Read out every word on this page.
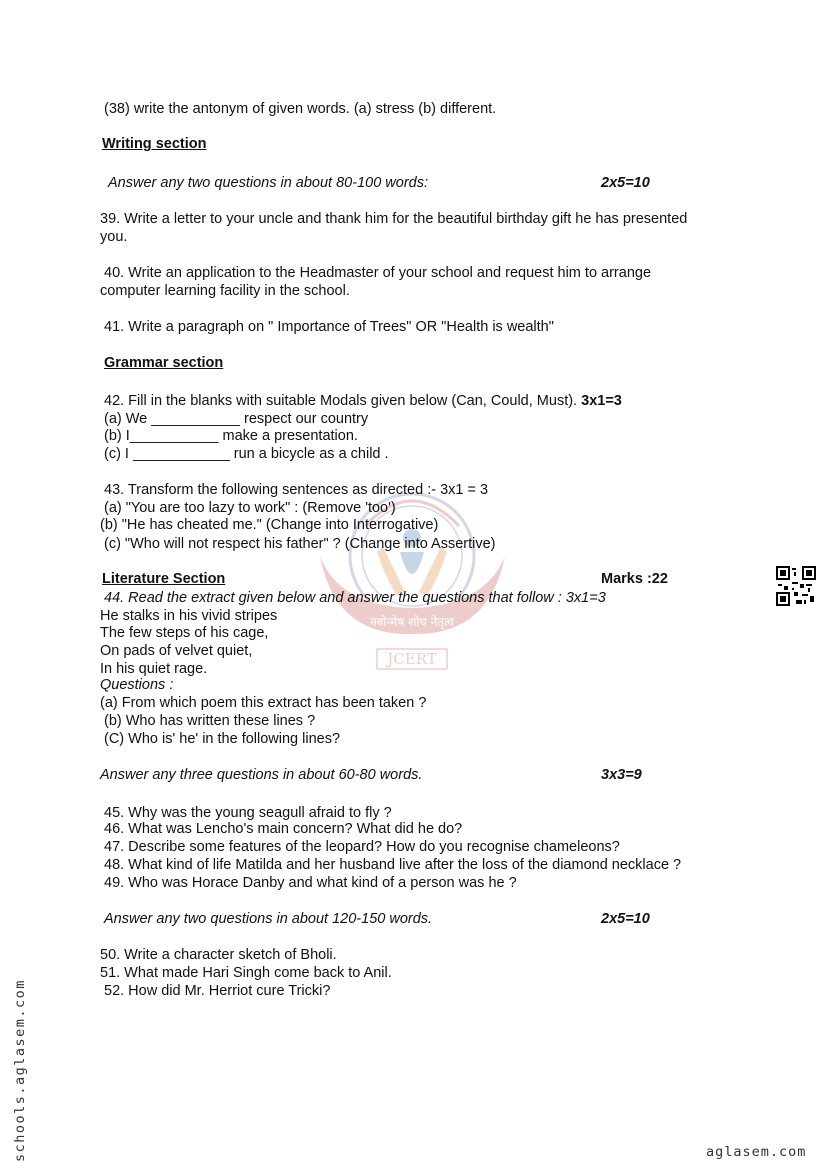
नवोन्मेष शोध नेतृत्व
JCERT
(38) write the antonym of given words. (a) stress (b) different.
Writing section
Answer any two questions in about 80-100 words:	2x5=10
39. Write a letter to your uncle and thank him for the beautiful birthday gift he has presented
you.
40. Write an application to the Headmaster of your school and request him to arrange
computer learning facility in the school.
41. Write a paragraph on " Importance of Trees" OR "Health is wealth"
Grammar section
42. Fill in the blanks with suitable Modals given below (Can, Could, Must). 3x1=3
(a) We ___________ respect our country
(b) I___________ make a presentation.
(c) I ____________ run a bicycle as a child .
43. Transform the following sentences as directed :- 3x1 = 3
(a) "You are too lazy to work" : (Remove 'too')
(b) "He has cheated me." (Change into Interrogative)
(c) "Who will not respect his father" ? (Change into Assertive)
Literature Section	Marks :22
44. Read the extract given below and answer the questions that follow : 3x1=3
He stalks in his vivid stripes
The few steps of his cage,
On pads of velvet quiet,
In his quiet rage.
Questions :
(a) From which poem this extract has been taken ?
(b) Who has written these lines ?
(C) Who is' he' in the following lines?
Answer any three questions in about 60-80 words.	3x3=9
45. Why was the young seagull afraid to fly ?
46. What was Lencho's main concern? What did he do?
47. Describe some features of the leopard? How do you recognise chameleons?
48. What kind of life Matilda and her husband live after the loss of the diamond necklace ?
49. Who was Horace Danby and what kind of a person was he ?
Answer any two questions in about 120-150 words.	2x5=10
50. Write a character sketch of Bholi.
51. What made Hari Singh come back to Anil.
52. How did Mr. Herriot cure Tricki?
schools.aglasem.com	aglasem.com
